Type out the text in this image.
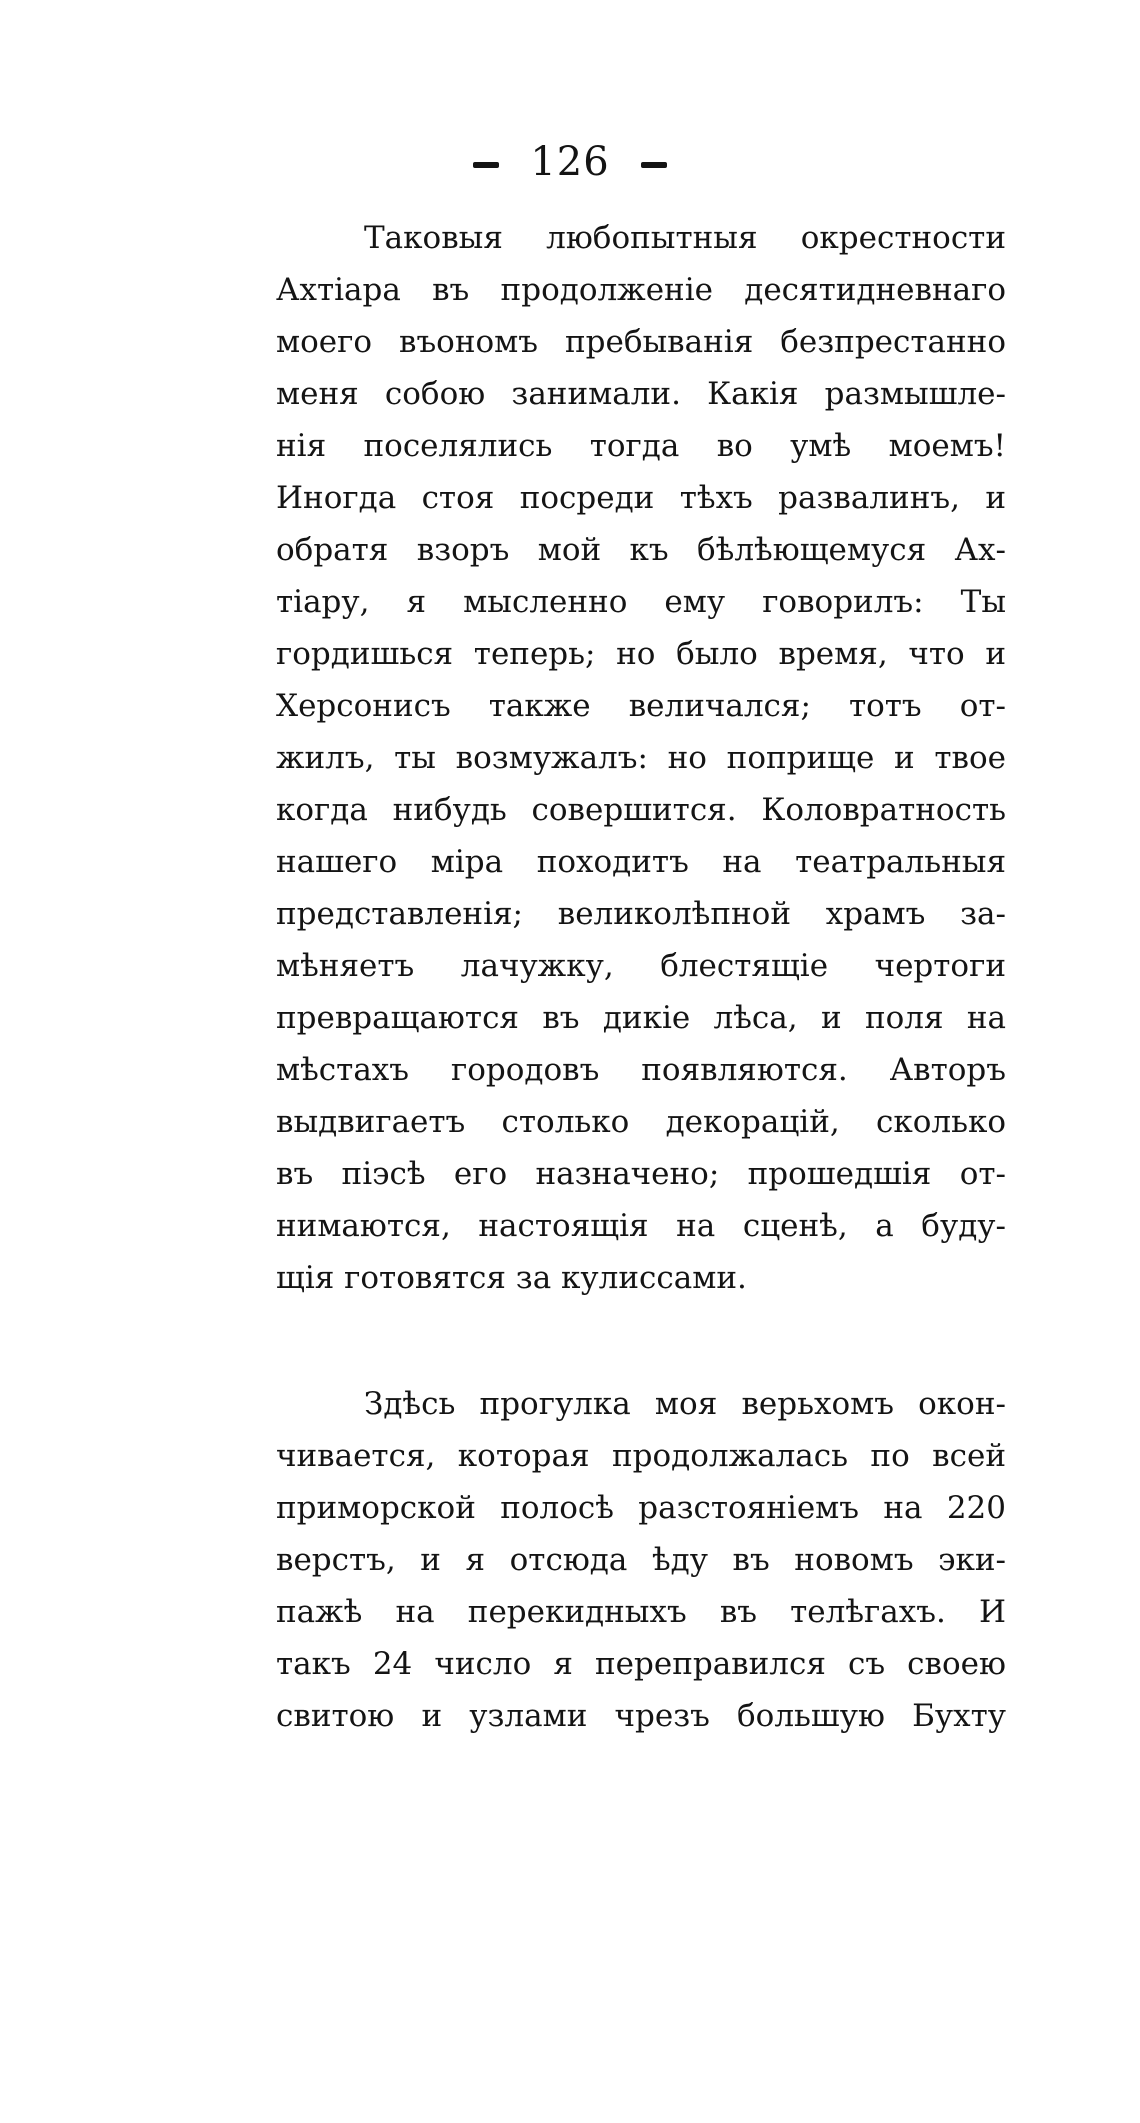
126
Таковыя любопытныя окрестности
Ахтiара въ продолженiе десятидневнаго
моего въономъ пребыванiя безпрестанно
меня собою занимали. Какiя размышле-
нiя поселялись тогда во умѣ моемъ!
Иногда стоя посреди тѣхъ развалинъ, и
обратя взоръ мой къ бѣлѣющемуся Ах-
тiару, я мысленно ему говорилъ: Ты
гордишься теперь; но было время, что и
Херсонисъ также величался; тотъ от-
жилъ, ты возмужалъ: но поприще и твое
когда нибудь совершится. Коловратность
нашего мiра походитъ на театральныя
представленiя; великолѣпной храмъ за-
мѣняетъ лачужку, блестящiе чертоги
превращаются въ дикiе лѣса, и поля на
мѣстахъ городовъ появляются. Авторъ
выдвигаетъ столько декорацiй, сколько
въ пiэсѣ его назначено; прошедшiя от-
нимаются, настоящiя на сценѣ, а буду-
щiя готовятся за кулиссами.
Здѣсь прогулка моя верьхомъ окон-
чивается, которая продолжалась по всей
приморской полосѣ разстоянiемъ на 220
верстъ, и я отсюда ѣду въ новомъ эки-
пажѣ на перекидныхъ въ телѣгахъ. И
такъ 24 число я переправился съ своею
свитою и узлами чрезъ большую Бухту
